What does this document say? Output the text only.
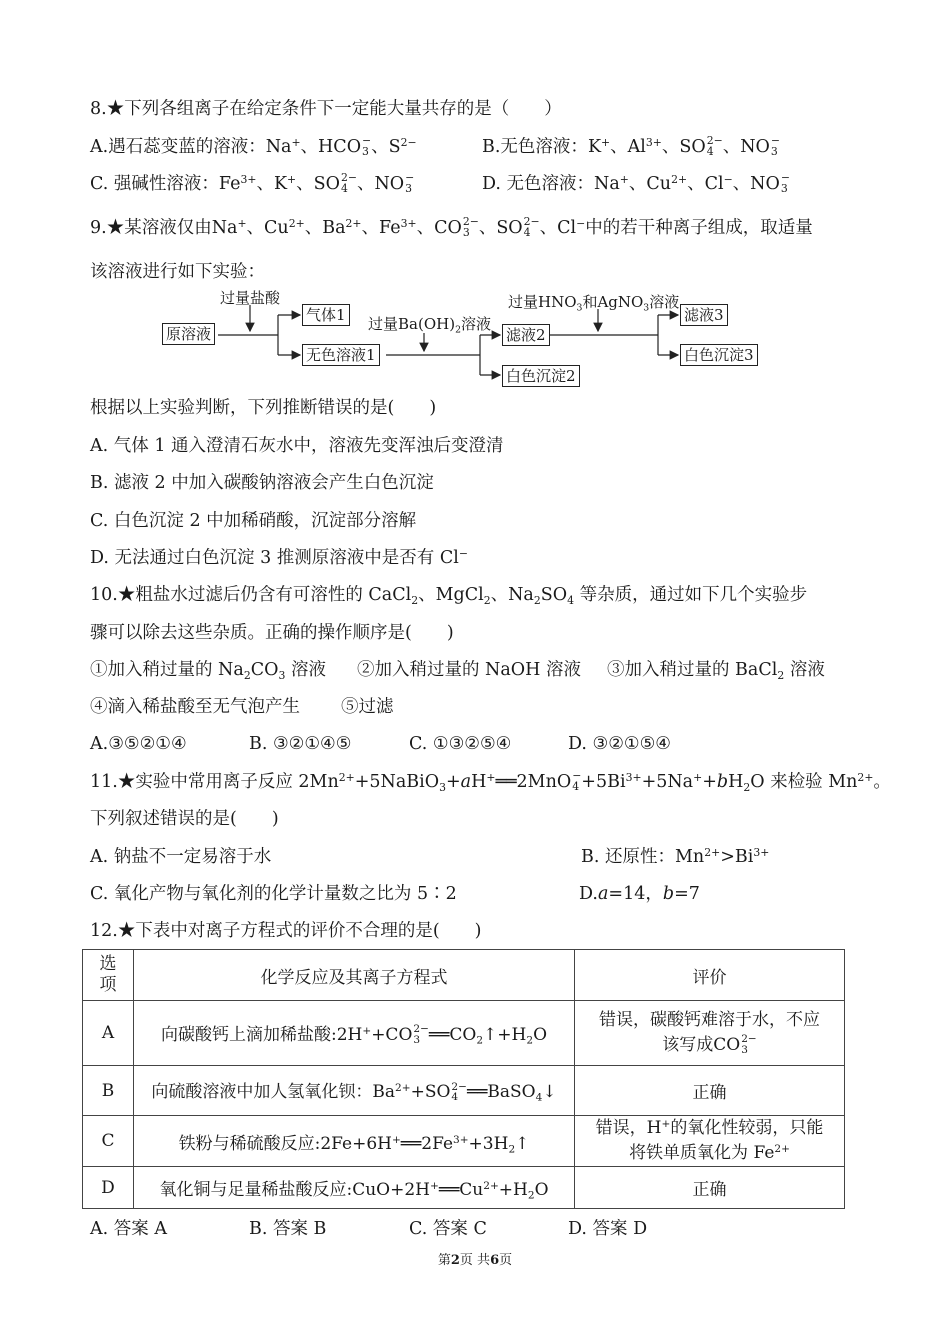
8.★下列各组离子在给定条件下一定能大量共存的是（　　）
A.遇石蕊变蓝的溶液：Na+、HCO −
3 、$S^{2-}$	B.无色溶液：K+、$Al^{3+}$、SO 2−
4 、NO −
3
C. 强碱性溶液：$Fe^{3+}$、K+、SO 2−
4 、NO −
3	D. 无色溶液：Na+、$Cu^{2+}$、Cl−、NO −
3
9.★某溶液仅由Na+、$Cu^{2+}$、$Ba^{2+}$、$Fe^{3+}$、CO 2−
3 、SO 2−
4 、Cl−中的若干种离子组成，取适量
该溶液进行如下实验：
过量盐酸
过量$Ba(OH)_2$溶液
过量$HNO_3$和AgNO$_3$溶液
原溶液
气体1
无色溶液1
滤液2
白色沉淀2
滤液3
白色沉淀3
根据以上实验判断，下列推断错误的是(　　)
A. 气体 1 通入澄清石灰水中，溶液先变浑浊后变澄清
B. 滤液 2 中加入碳酸钠溶液会产生白色沉淀
C. 白色沉淀 2 中加稀硝酸，沉淀部分溶解
D. 无法通过白色沉淀 3 推测原溶液中是否有 Cl−
10.★粗盐水过滤后仍含有可溶性的 CaCl$_2$、MgCl$_2$、$Na_2SO_4$ 等杂质，通过如下几个实验步
骤可以除去这些杂质。正确的操作顺序是(　　)
①加入稍过量的 $Na_2CO_3$ 溶液 ②加入稍过量的 NaOH 溶液 ③加入稍过量的 BaCl$_2$ 溶液
④滴入稀盐酸至无气泡产生 ⑤过滤
A.③⑤②①④	B. ③②①④⑤	C. ①③②⑤④	D. ③②①⑤④
11.★实验中常用离子反应 $2Mn^{2+}+5NaBiO_3+aH^+══2MnO$ −
$4 +5Bi^{3+}+5Na^++bH_2O$ 来检验 $Mn^{2+}$。
下列叙述错误的是(　　)
A. 钠盐不一定易溶于水	B. 还原性：$Mn^{2+}>Bi^{3+}$
C. 氧化产物与氧化剂的化学计量数之比为 5∶2	D.a=14，b=7
12.★下表中对离子方程式的评价不合理的是(　　)
选
项	化学反应及其离子方程式	评价
A	向碳酸钙上滴加稀盐酸:2H++CO 2−
3 $══CO_2↑+H_2O$	错误，碳酸钙难溶于水，不应
该写成CO 2−
3

B	向硫酸溶液中加人氢氧化钡：$Ba^{2+}+SO$ 2−
4 ══BaSO$_4$↓	正确
C	铁粉与稀硫酸反应$:2Fe+6H^+══2Fe^{3+}+3H_2↑$	错误，H+的氧化性较弱，只能
将铁单质氧化为 $Fe^{2+}$

D	氧化铜与足量稀盐酸反应$:CuO+2H^+══Cu^{2+}+H_2O$	正确
A. 答案 A	B. 答案 B	C. 答案 C	D. 答案 D
第2页 共6页
